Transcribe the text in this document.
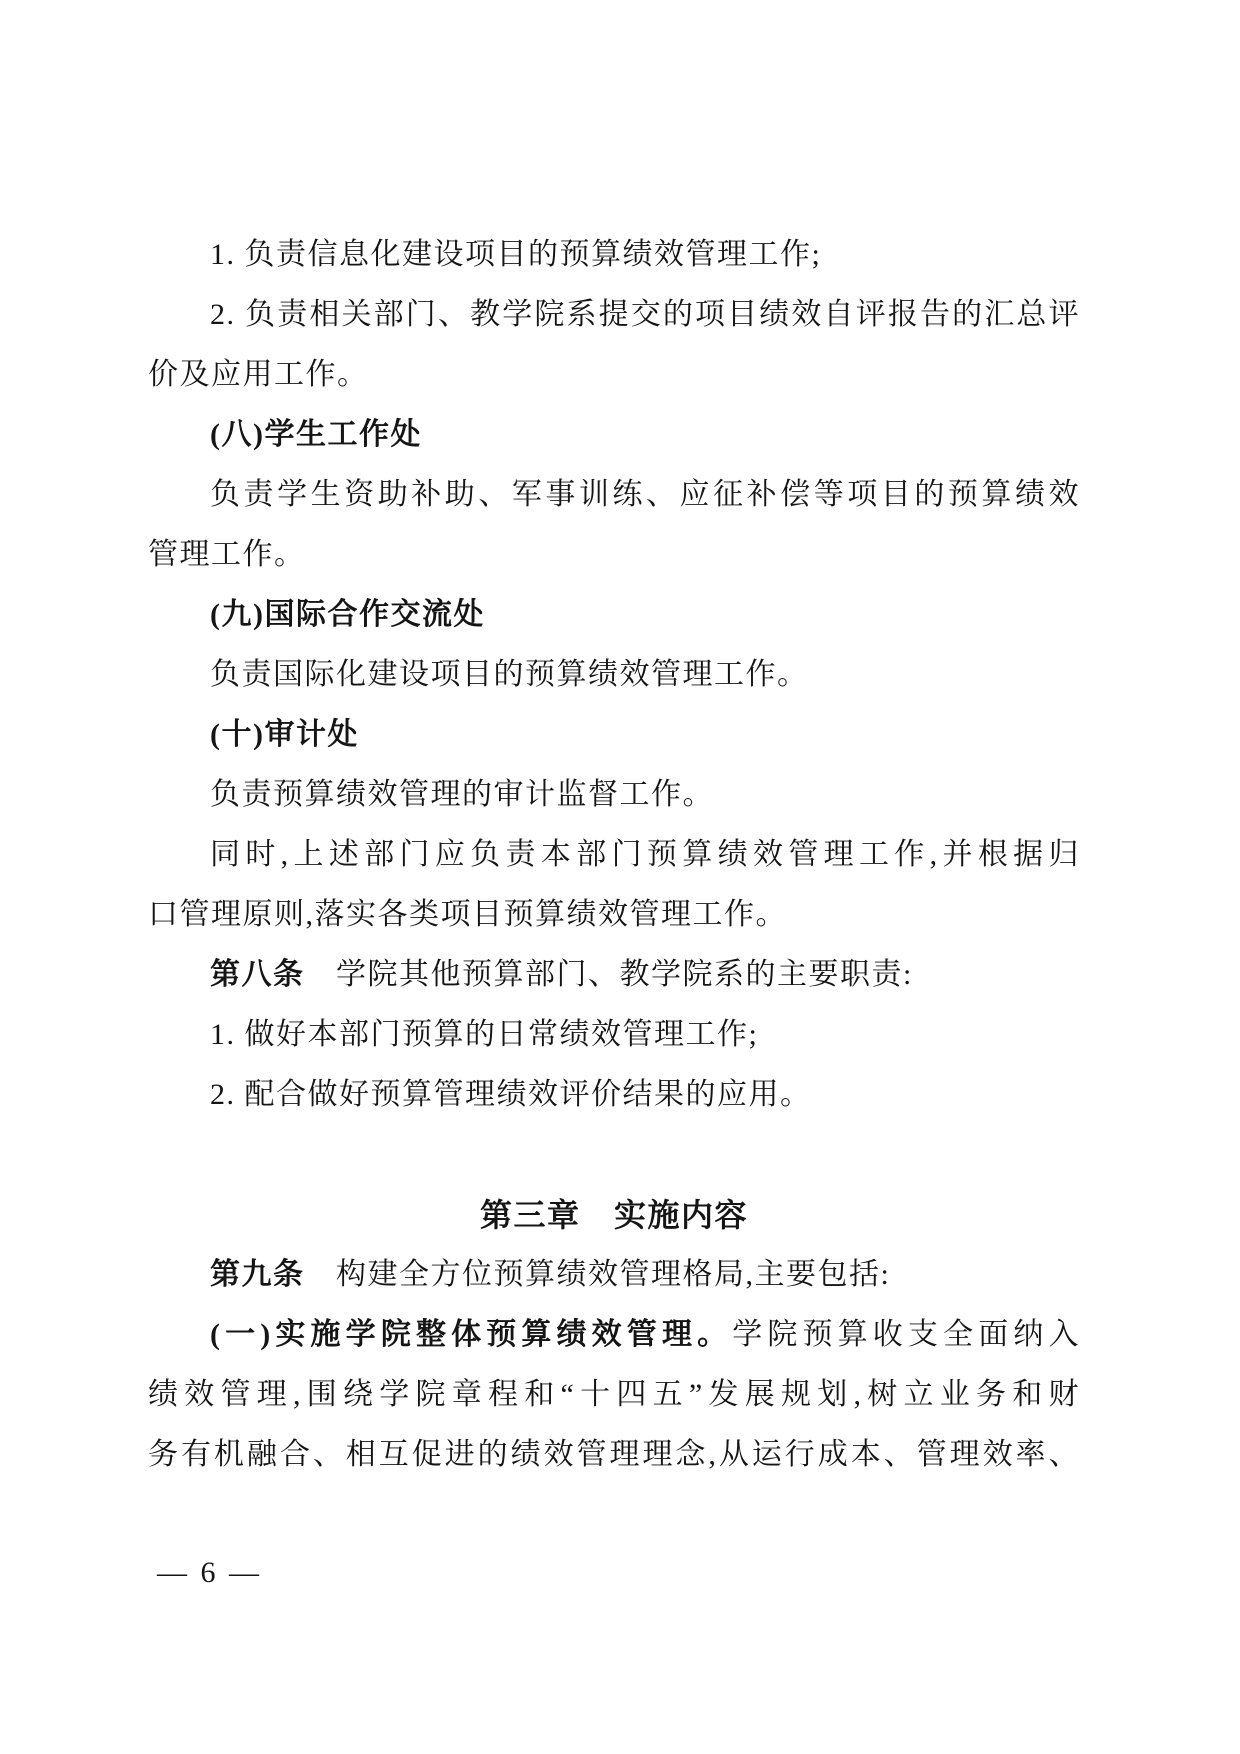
1. 负责信息化建设项目的预算绩效管理工作;
2. 负责相关部门、教学院系提交的项目绩效自评报告的汇总评
价及应用工作。
(八)学生工作处
负责学生资助补助、军事训练、应征补偿等项目的预算绩效
管理工作。
(九)国际合作交流处
负责国际化建设项目的预算绩效管理工作。
(十)审计处
负责预算绩效管理的审计监督工作。
同时,上述部门应负责本部门预算绩效管理工作,并根据归
口管理原则,落实各类项目预算绩效管理工作。
第八条　学院其他预算部门、教学院系的主要职责:
1. 做好本部门预算的日常绩效管理工作;
2. 配合做好预算管理绩效评价结果的应用。
第三章　实施内容
第九条　构建全方位预算绩效管理格局,主要包括:
(一)实施学院整体预算绩效管理。学院预算收支全面纳入
绩效管理,围绕学院章程和“十四五”发展规划,树立业务和财
务有机融合、相互促进的绩效管理理念,从运行成本、管理效率、
— 6 —
